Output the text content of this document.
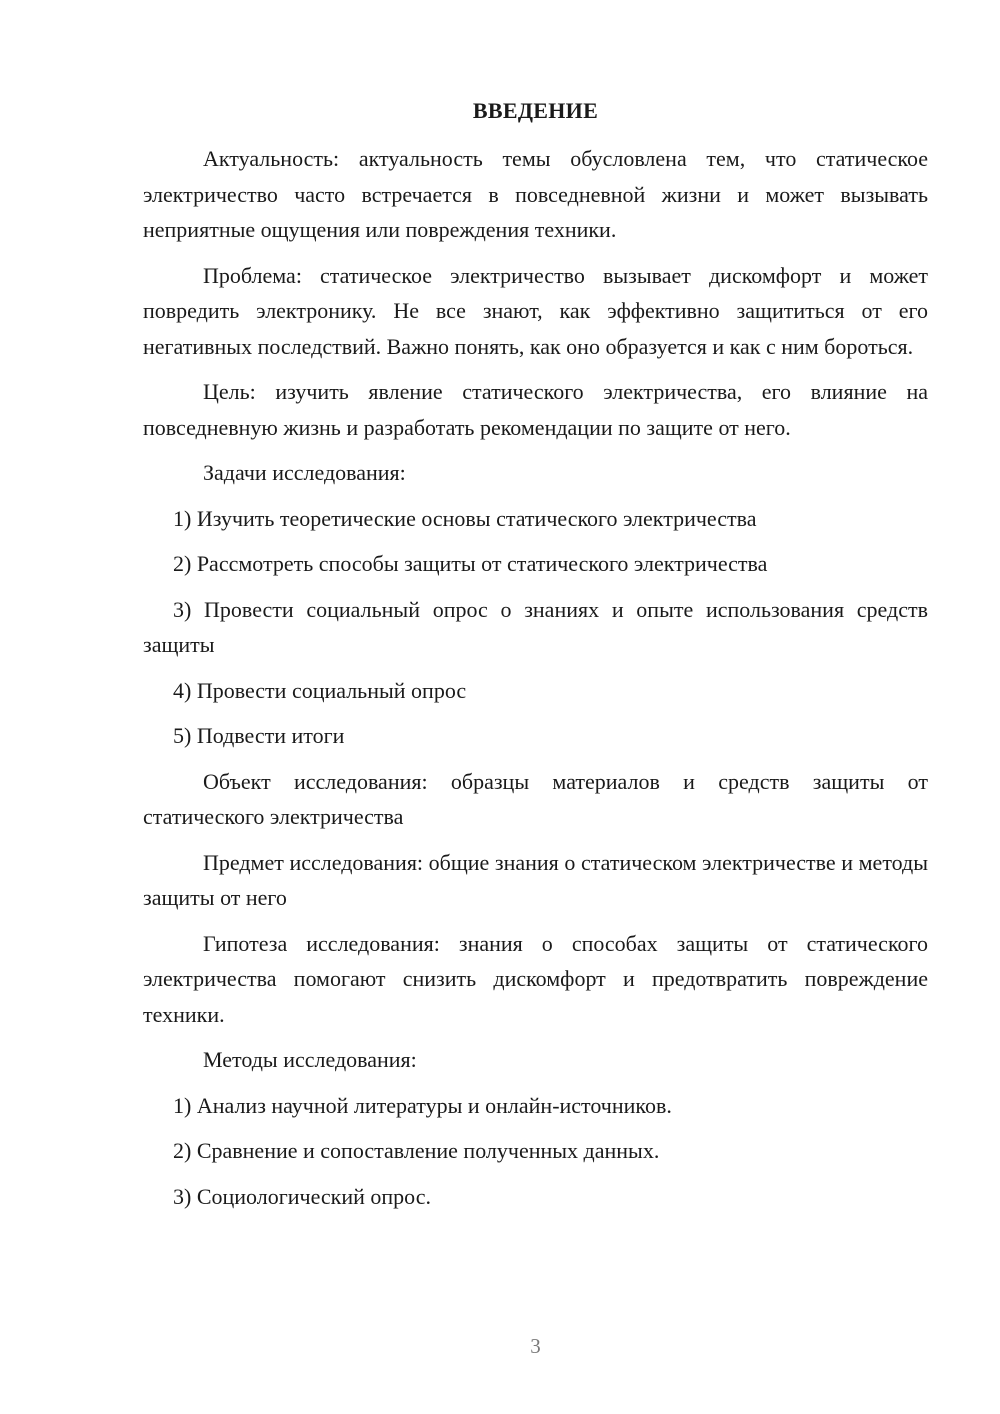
ВВЕДЕНИЕ

Актуальность: актуальность темы обусловлена тем, что статическое электричество часто встречается в повседневной жизни и может вызывать неприятные ощущения или повреждения техники.

Проблема: статическое электричество вызывает дискомфорт и может повредить электронику. Не все знают, как эффективно защититься от его негативных последствий. Важно понять, как оно образуется и как с ним бороться.

Цель: изучить явление статического электричества, его влияние на повседневную жизнь и разработать рекомендации по защите от него.

Задачи исследования:

1) Изучить теоретические основы статического электричества

2) Рассмотреть способы защиты от статического электричества

3) Провести социальный опрос о знаниях и опыте использования средств защиты

4) Провести социальный опрос

5) Подвести итоги

Объект исследования: образцы материалов и средств защиты от статического электричества

Предмет исследования: общие знания о статическом электричестве и методы защиты от него

Гипотеза исследования: знания о способах защиты от статического электричества помогают снизить дискомфорт и предотвратить повреждение техники.

Методы исследования:

1) Анализ научной литературы и онлайн-источников.

2) Сравнение и сопоставление полученных данных.

3) Социологический опрос.

3
